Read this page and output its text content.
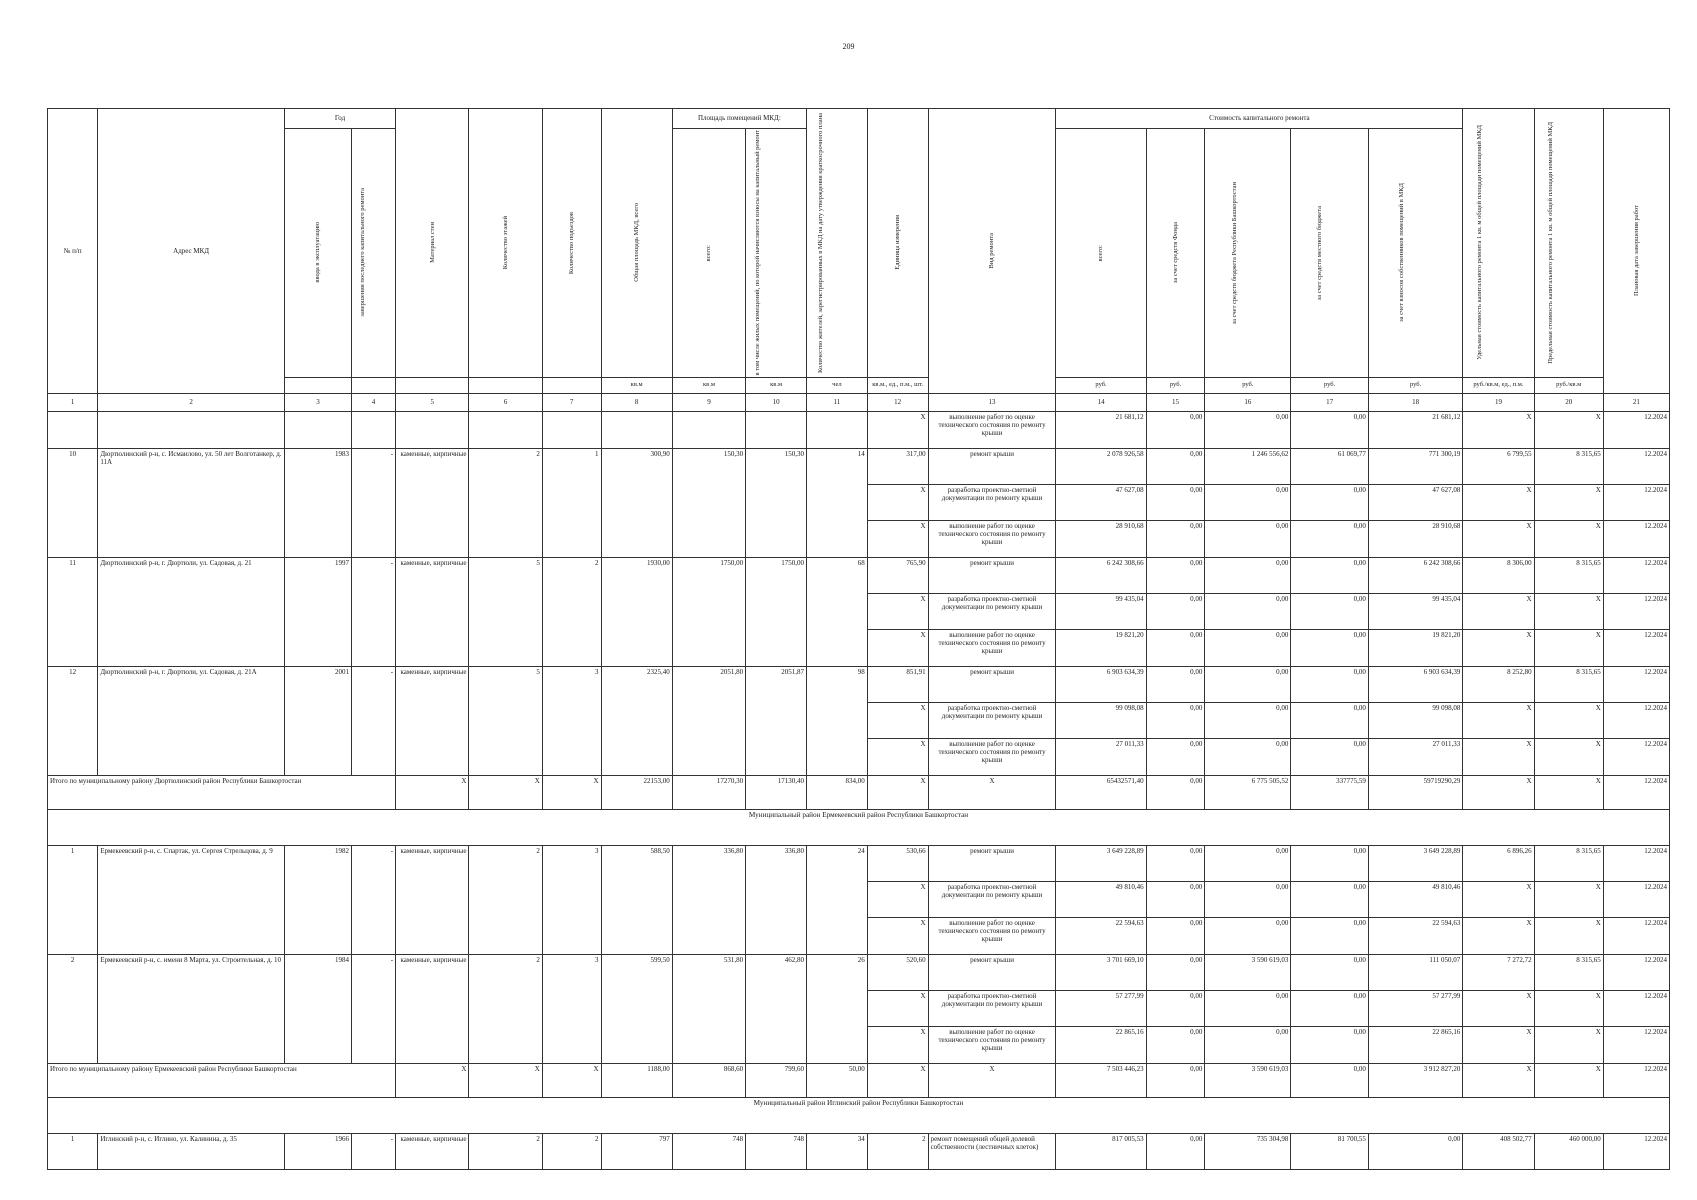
209
№ п/п	Адрес МКД	Год		Материал стен	Количество этажей	Количество подъездов	Общая площадь МКД, всего	Площадь помещений МКД:		Количество жителей, зарегистрированных в МКД на дату утверждения краткосрочного плана	Единица измерения	Вид ремонта	Стоимость капитального ремонта					Удельная стоимость капитального ремонта 1 кв. м общей площади помещений МКД	Предельная стоимость капитального ремонта 1 кв. м общей площади помещений МКД	Плановая дата завершения работ

		ввода в эксплуатацию	завершения последнего капитального ремонта					всего:	в том числе жилых помещений, по которой начисляются взносы на капитальный ремонт				всего:	за счет средств Фонда	за счет средств бюджета Республики Башкортостан	за счет средств местного бюджета	за счет взносов собственников помещений в МКД			

							кв.м	кв.м	кв.м	чел	кв.м., ед., п.м., шт.		руб.	руб.	руб.	руб.	руб.	руб./кв.м, ед., п.м.	руб./кв.м	
1	2	3	4	5	6	7	8	9	10	11	12	13	14	15	16	17	18	19	20	21
											X	выполнение работ по оценке технического состояния по ремонту крыши	21 681,12	0,00	0,00	0,00	21 681,12	X	X	12.2024
10	Дюртюлинский р-н, с. Исмаилово, ул. 50 лет Волготанкер, д. 11А	1983	-	каменные, кирпичные	2	1	300,90	150,30	150,30	14	317,00	ремонт крыши	2 078 926,58	0,00	1 246 556,62	61 069,77	771 300,19	6 799,55	8 315,65	12.2024
											X	разработка проектно-сметной документации по ремонту крыши	47 627,08	0,00	0,00	0,00	47 627,08	X	X	12.2024
											X	выполнение работ по оценке технического состояния по ремонту крыши	28 910,68	0,00	0,00	0,00	28 910,68	X	X	12.2024
11	Дюртюлинский р-н, г. Дюртюли, ул. Садовая, д. 21	1997	-	каменные, кирпичные	5	2	1930,00	1750,00	1750,00	68	765,90	ремонт крыши	6 242 308,66	0,00	0,00	0,00	6 242 308,66	8 306,00	8 315,65	12.2024
											X	разработка проектно-сметной документации по ремонту крыши	99 435,04	0,00	0,00	0,00	99 435,04	X	X	12.2024
											X	выполнение работ по оценке технического состояния по ремонту крыши	19 821,20	0,00	0,00	0,00	19 821,20	X	X	12.2024
12	Дюртюлинский р-н, г. Дюртюли, ул. Садовая, д. 21А	2001	-	каменные, кирпичные	5	3	2325,40	2051,80	2051,87	98	851,91	ремонт крыши	6 903 634,39	0,00	0,00	0,00	6 903 634,39	8 252,80	8 315,65	12.2024
											X	разработка проектно-сметной документации по ремонту крыши	99 098,08	0,00	0,00	0,00	99 098,08	X	X	12.2024
											X	выполнение работ по оценке технического состояния по ремонту крыши	27 011,33	0,00	0,00	0,00	27 011,33	X	X	12.2024
Итого по муниципальному району Дюртюлинский район Республики Башкортостан				X	X	X	22153,00	17270,30	17130,40	834,00	X	X	65432571,40	0,00	6 775 505,52	337775,59	59719290,29	X	X	12.2024
Муниципальный район Ермекеевский район Республики Башкортостан																				
1	Ермекеевский р-н, с. Спартак, ул. Сергея Стрельцова, д. 9	1982	-	каменные, кирпичные	2	3	588,50	336,80	336,80	24	530,66	ремонт крыши	3 649 228,89	0,00	0,00	0,00	3 649 228,89	6 896,26	8 315,65	12.2024
											X	разработка проектно-сметной документации по ремонту крыши	49 810,46	0,00	0,00	0,00	49 810,46	X	X	12.2024
											X	выполнение работ по оценке технического состояния по ремонту крыши	22 594,63	0,00	0,00	0,00	22 594,63	X	X	12.2024
2	Ермекеевский р-н, с. имени 8 Марта, ул. Строительная, д. 10	1984	-	каменные, кирпичные	2	3	599,50	531,80	462,80	26	520,60	ремонт крыши	3 701 669,10	0,00	3 590 619,03	0,00	111 050,07	7 272,72	8 315,65	12.2024
											X	разработка проектно-сметной документации по ремонту крыши	57 277,99	0,00	0,00	0,00	57 277,99	X	X	12.2024
											X	выполнение работ по оценке технического состояния по ремонту крыши	22 865,16	0,00	0,00	0,00	22 865,16	X	X	12.2024
Итого по муниципальному району Ермекеевский район Республики Башкортостан				X	X	X	1188,00	868,60	799,60	50,00	X	X	7 503 446,23	0,00	3 590 619,03	0,00	3 912 827,20	X	X	12.2024
Муниципальный район Иглинский район Республики Башкортостан																				
1	Иглинский р-н, с. Иглино, ул. Калинина, д. 35	1966	-	каменные, кирпичные	2	2	797	748	748	34	2	ремонт помещений общей долевой собственности (лестничных клеток)	817 005,53	0,00	735 304,98	81 700,55	0,00	408 502,77	460 000,00	12.2024
